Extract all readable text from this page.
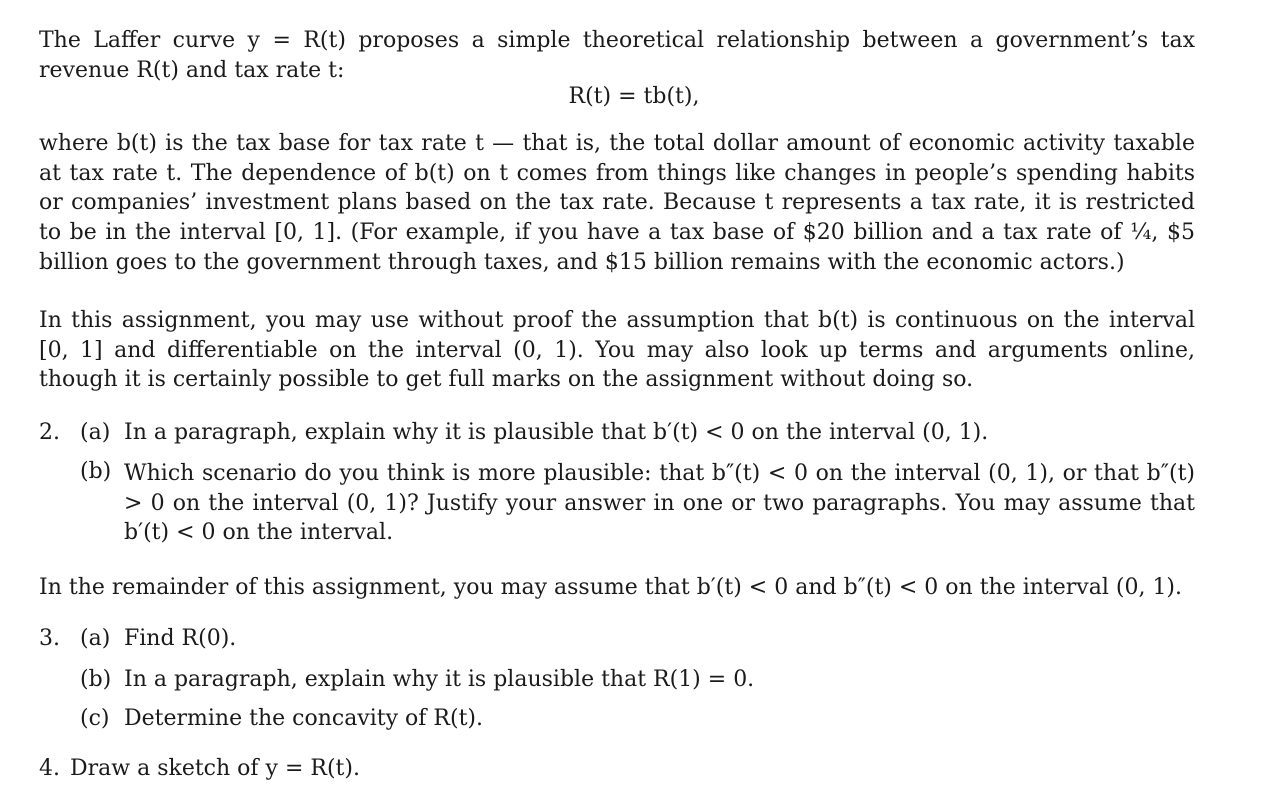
The Laffer curve y = R(t) proposes a simple theoretical relationship between a government’s tax revenue R(t) and tax rate t:
R(t) = tb(t),
where b(t) is the tax base for tax rate t — that is, the total dollar amount of economic activity taxable at tax rate t. The dependence of b(t) on t comes from things like changes in people’s spending habits or companies’ investment plans based on the tax rate. Because t represents a tax rate, it is restricted to be in the interval [0, 1]. (For example, if you have a tax base of $20 billion and a tax rate of ¼, $5 billion goes to the government through taxes, and $15 billion remains with the economic actors.)
In this assignment, you may use without proof the assumption that b(t) is continuous on the interval [0, 1] and differentiable on the interval (0, 1). You may also look up terms and arguments online, though it is certainly possible to get full marks on the assignment without doing so.
2. (a) In a paragraph, explain why it is plausible that b′(t) < 0 on the interval (0, 1).
(b) Which scenario do you think is more plausible: that b″(t) < 0 on the interval (0, 1), or that b″(t) > 0 on the interval (0, 1)? Justify your answer in one or two paragraphs. You may assume that b′(t) < 0 on the interval.
In the remainder of this assignment, you may assume that b′(t) < 0 and b″(t) < 0 on the interval (0, 1).
3. (a) Find R(0).
(b) In a paragraph, explain why it is plausible that R(1) = 0.
(c) Determine the concavity of R(t).
4. Draw a sketch of y = R(t).
